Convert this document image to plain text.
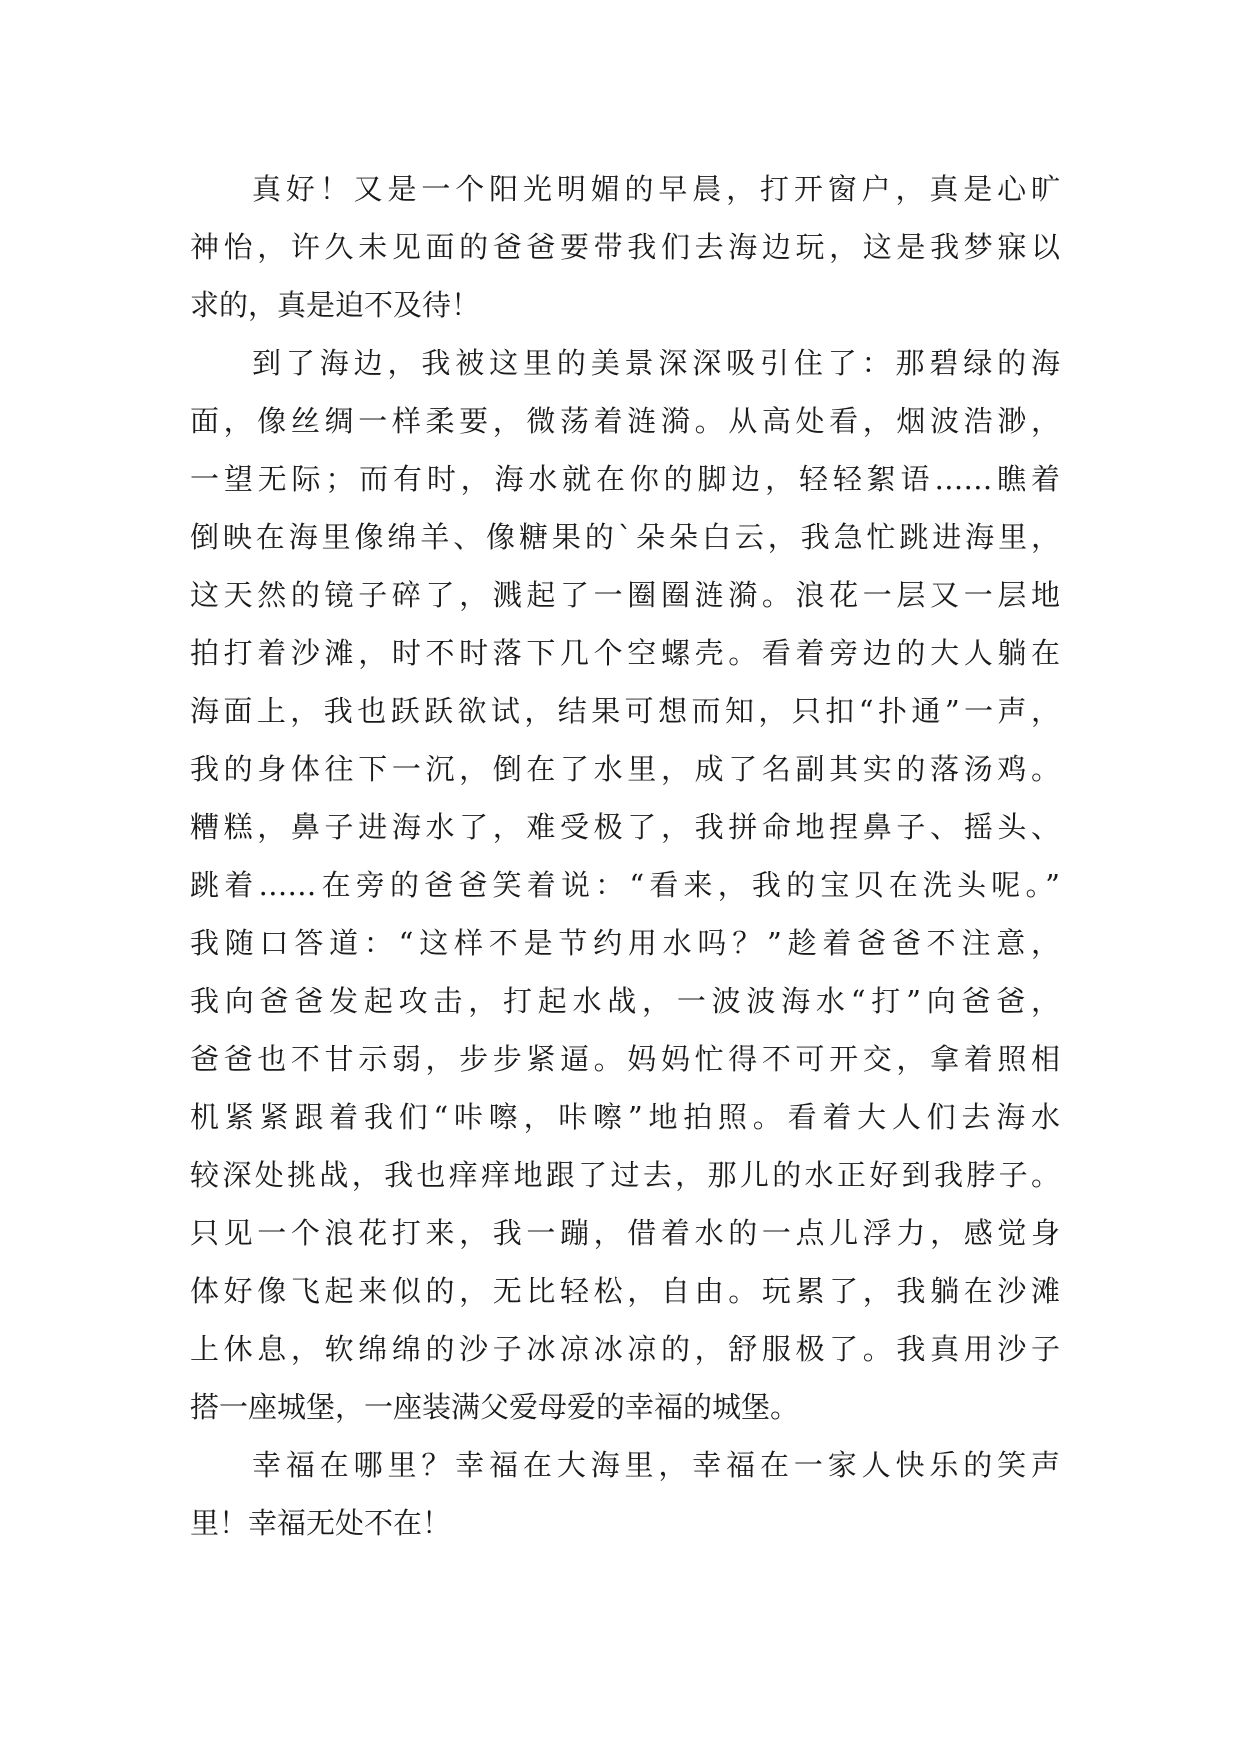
真好！又是一个阳光明媚的早晨，打开窗户，真是心旷
神怡，许久未见面的爸爸要带我们去海边玩，这是我梦寐以
求的，真是迫不及待！
到了海边，我被这里的美景深深吸引住了：那碧绿的海
面，像丝绸一样柔要，微荡着涟漪。从高处看，烟波浩渺，
一望无际；而有时，海水就在你的脚边，轻轻絮语……瞧着
倒映在海里像绵羊、像糖果的`朵朵白云，我急忙跳进海里，
这天然的镜子碎了，溅起了一圈圈涟漪。浪花一层又一层地
拍打着沙滩，时不时落下几个空螺壳。看着旁边的大人躺在
海面上，我也跃跃欲试，结果可想而知，只扣“扑通”一声，
我的身体往下一沉，倒在了水里，成了名副其实的落汤鸡。
糟糕，鼻子进海水了，难受极了，我拼命地捏鼻子、摇头、
跳着……在旁的爸爸笑着说：“看来，我的宝贝在洗头呢。”
我随口答道：“这样不是节约用水吗？”趁着爸爸不注意，
我向爸爸发起攻击，打起水战，一波波海水“打”向爸爸，
爸爸也不甘示弱，步步紧逼。妈妈忙得不可开交，拿着照相
机紧紧跟着我们“咔嚓，咔嚓”地拍照。看着大人们去海水
较深处挑战，我也痒痒地跟了过去，那儿的水正好到我脖子。
只见一个浪花打来，我一蹦，借着水的一点儿浮力，感觉身
体好像飞起来似的，无比轻松，自由。玩累了，我躺在沙滩
上休息，软绵绵的沙子冰凉冰凉的，舒服极了。我真用沙子
搭一座城堡，一座装满父爱母爱的幸福的城堡。
幸福在哪里？幸福在大海里，幸福在一家人快乐的笑声
里！幸福无处不在！
